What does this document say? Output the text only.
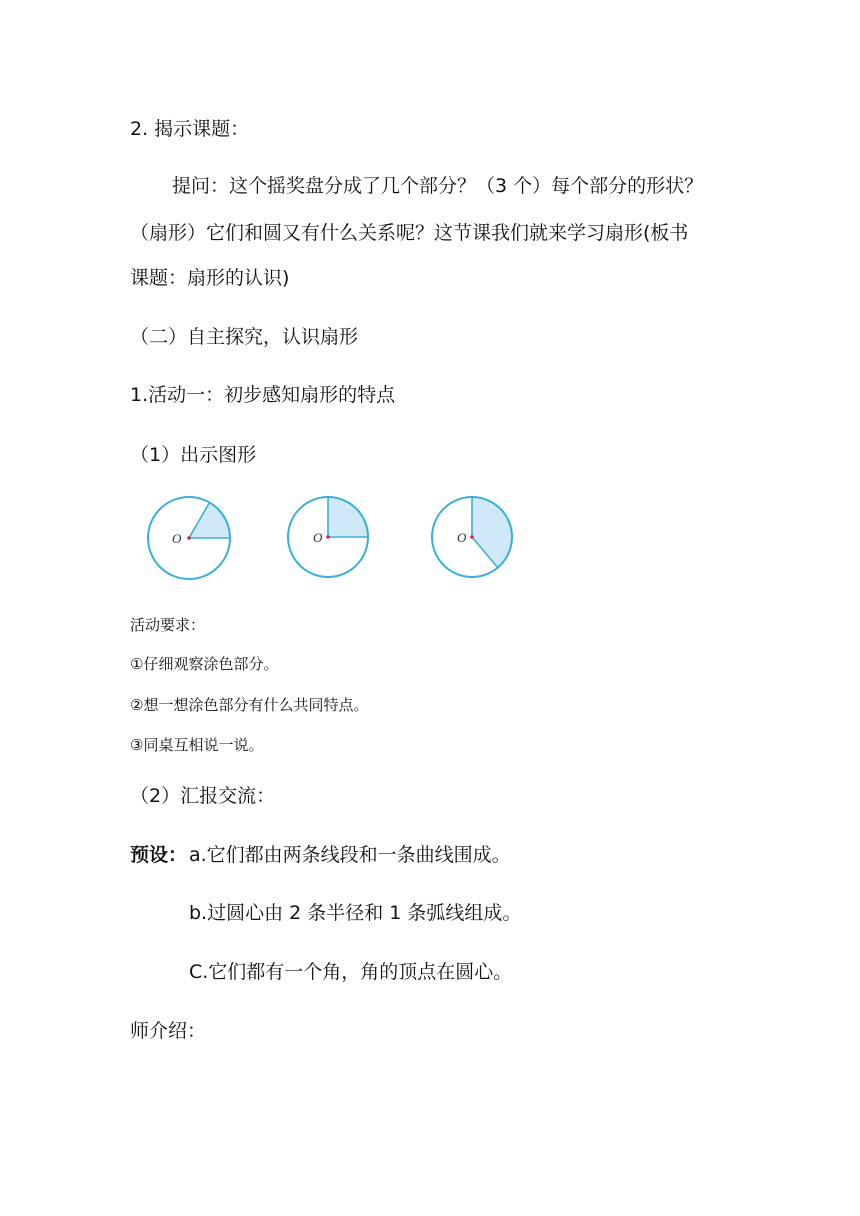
2. 揭示课题：
提问：这个摇奖盘分成了几个部分？（3 个）每个部分的形状？
（扇形）它们和圆又有什么关系呢？这节课我们就来学习扇形(板书
课题：扇形的认识)
（二）自主探究，认识扇形
1.活动一：初步感知扇形的特点
（1）出示图形
O	O	O
活动要求：
①仔细观察涂色部分。
②想一想涂色部分有什么共同特点。
③同桌互相说一说。
（2）汇报交流：
预设： a.它们都由两条线段和一条曲线围成。
b.过圆心由 2 条半径和 1 条弧线组成。
C.它们都有一个角，角的顶点在圆心。
师介绍：
